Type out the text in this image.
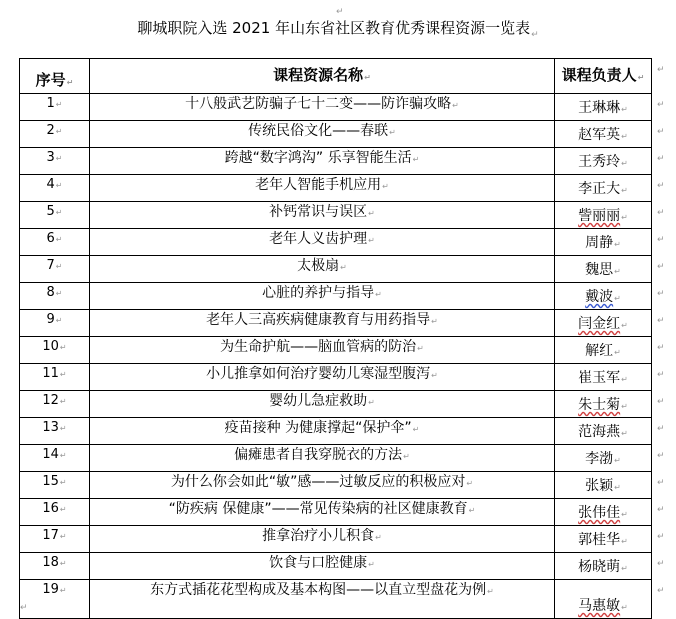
↵
聊城职院入选 2021 年山东省社区教育优秀课程资源一览表$_↵$
序号↵	课程资源名称↵	课程负责人↵
1↵	十八般武艺防骗子七十二变——防诈骗攻略↵	王琳琳↵
2↵	传统民俗文化——春联↵	赵军英↵
3↵	跨越“数字鸿沟” 乐享智能生活↵	王秀玲↵
4↵	老年人智能手机应用↵	李正大↵
5↵	补钙常识与误区↵	訾丽丽↵
6↵	老年人义齿护理↵	周静↵
7↵	太极扇↵	魏思↵
8↵	心脏的养护与指导↵	戴波↵
9↵	老年人三高疾病健康教育与用药指导↵	闫金红↵
10↵	为生命护航——脑血管病的防治↵	解红↵
11↵	小儿推拿如何治疗婴幼儿寒湿型腹泻↵	崔玉军↵
12↵	婴幼儿急症救助↵	朱士菊↵
13↵	疫苗接种 为健康撑起“保护伞”↵	范海燕↵
14↵	偏瘫患者自我穿脱衣的方法↵	李渤↵
15↵	为什么你会如此“敏”感——过敏反应的积极应对↵	张颖↵
16↵	“防疾病 保健康”——常见传染病的社区健康教育↵	张伟佳↵
17↵	推拿治疗小儿积食↵	郭桂华↵
18↵	饮食与口腔健康↵	杨晓萌↵
19↵	东方式插花花型构成及基本构图——以直立型盘花为例↵	马惠敏↵
↵
↵
↵
↵
↵
↵
↵
↵
↵
↵
↵
↵
↵
↵
↵
↵
↵
↵
↵
↵
↵
